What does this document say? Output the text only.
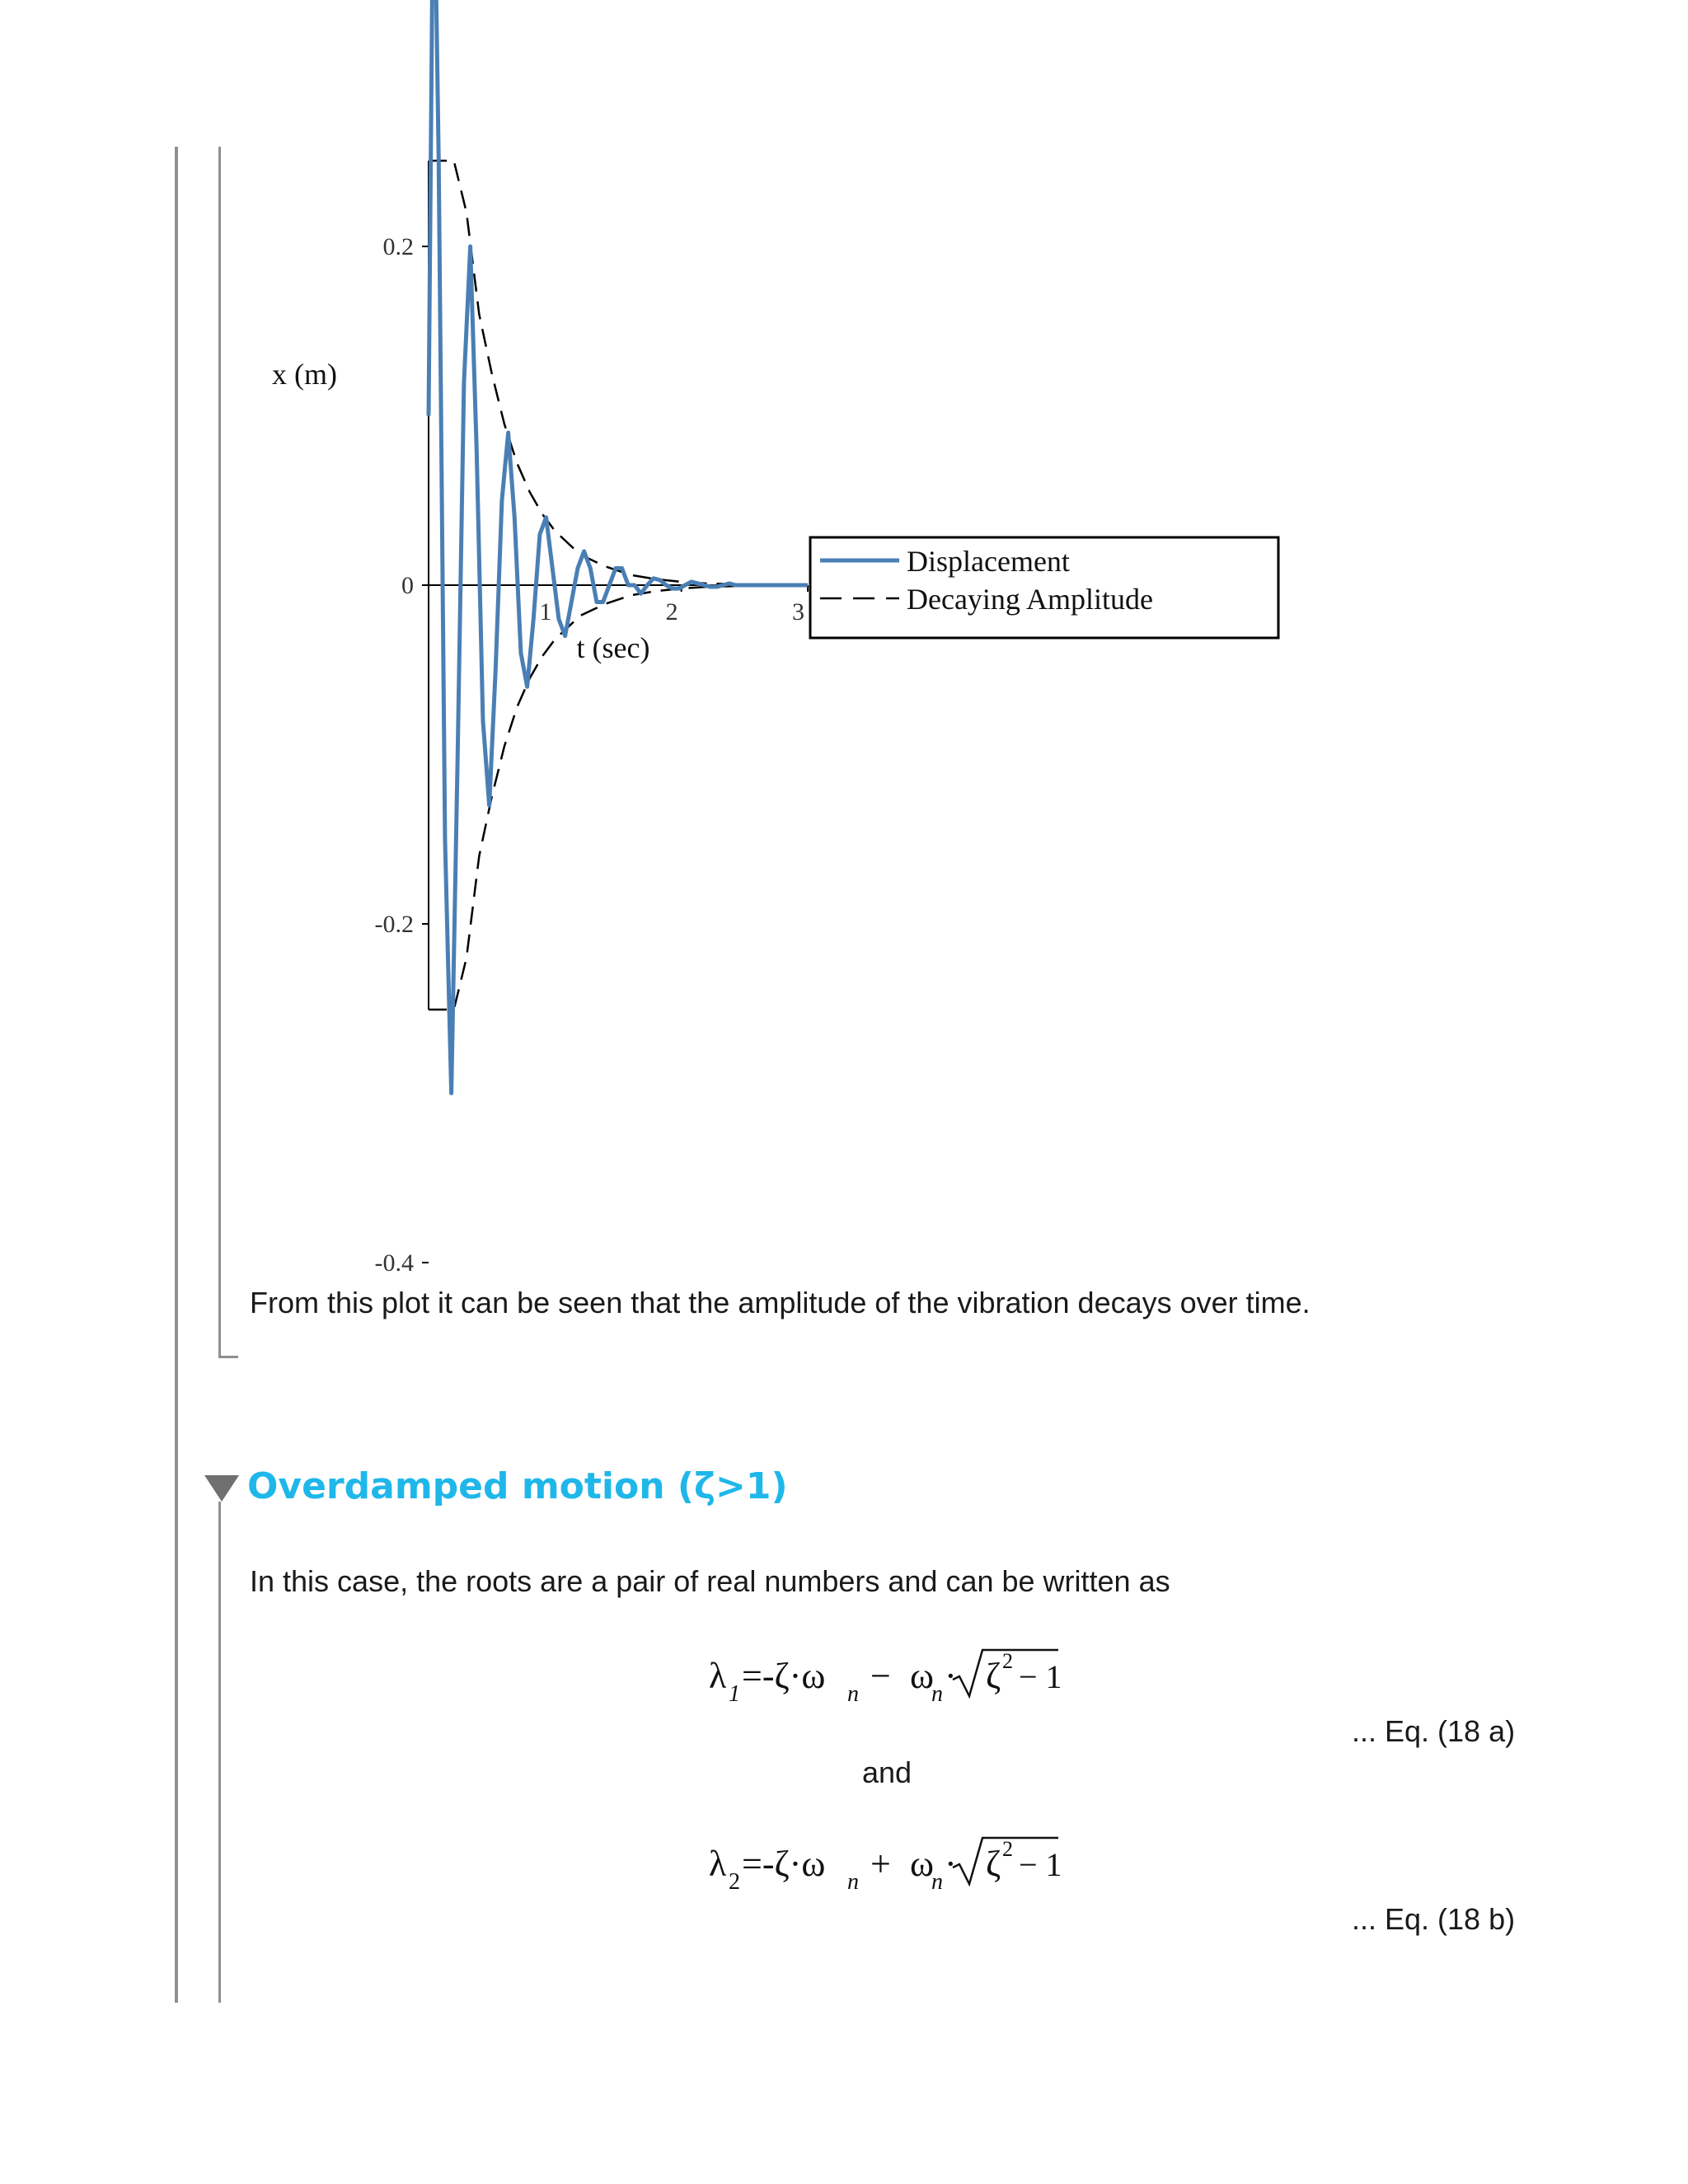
0.2
0
-0.2
-0.4
1	2	3
x (m)
t (sec)
Displacement
Decaying Amplitude

From this plot it can be seen that the amplitude of the vibration decays over time.

Overdamped motion (ζ>1)

In this case, the roots are a pair of real numbers and can be written as

λ 1 =-ζ·ω n − ω
n · ζ 2 − 1

... Eq. (18 a)

and

λ 2 =-ζ·ω n + ω
n · ζ 2 − 1

... Eq. (18 b)
